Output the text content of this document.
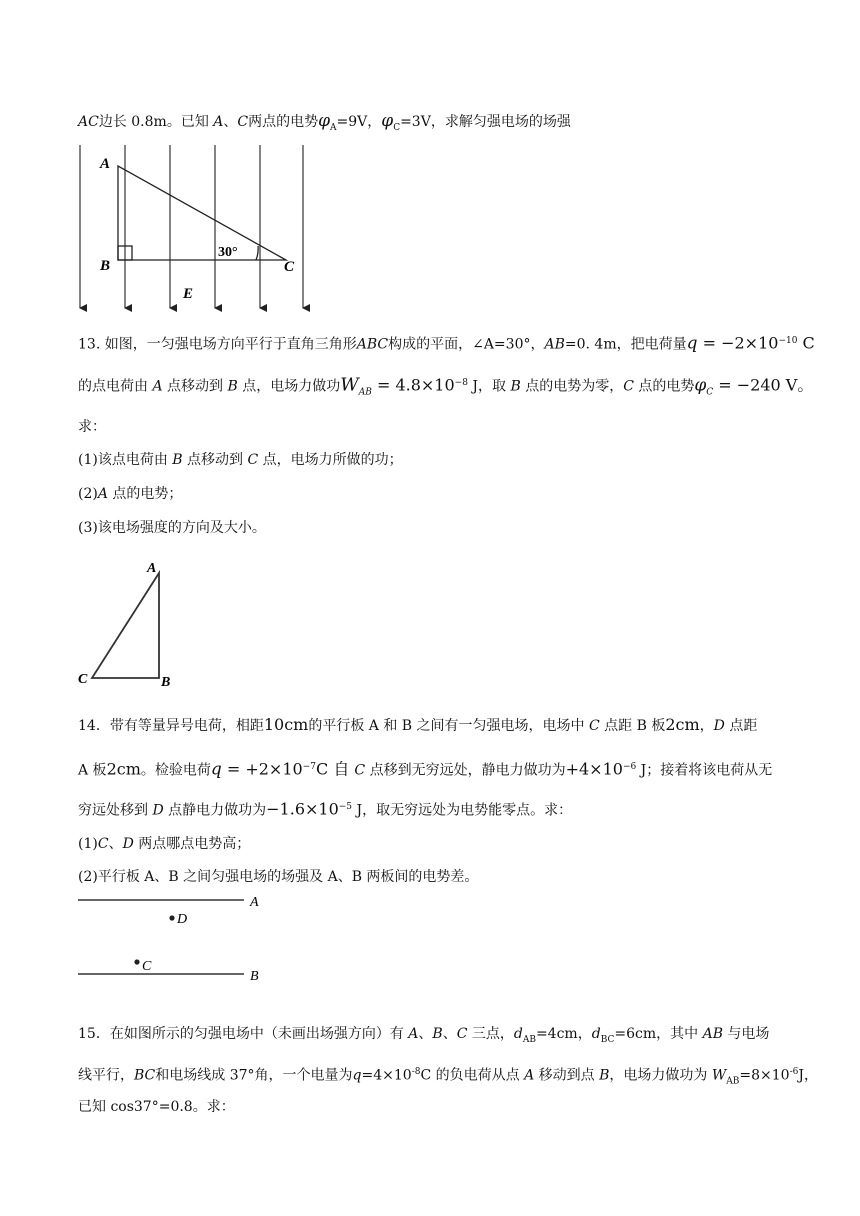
AC边长 0.8m。已知 A、C两点的电势$\varphi_A=9V$，$\varphi_C=3V$，求解匀强电场的场强
A
B	C
E
30°
13. 如图，一匀强电场方向平行于直角三角形ABC构成的平面，∠A=30°，AB=0. 4m，把电荷量$q = -2\times 10^{-10}$ C
的点电荷由 A 点移动到 B 点，电场力做功$W_{AB} = 4.8\times 10^{-8}$ J，取 B 点的电势为零，C 点的电势$\varphi_C = -240$ V。
求：
(1)该点电荷由 B 点移动到 C 点，电场力所做的功；
(2)A 点的电势；
(3)该电场强度的方向及大小。
A
B
C
14．带有等量异号电荷，相距10cm的平行板 A 和 B 之间有一匀强电场，电场中 C 点距 B 板2cm，D 点距
A 板2cm。检验电荷$q = +2\times 10^{-7}C$ 自 C 点移到无穷远处，静电力做功为$+4\times 10^{-6}$ J；接着将该电荷从无
穷远处移到 D 点静电力做功为$-1.6\times 10^{-5}$ J，取无穷远处为电势能零点。求：
(1)C、D 两点哪点电势高；
(2)平行板 A、B 之间匀强电场的场强及 A、B 两板间的电势差。
A
B
D
C
15．在如图所示的匀强电场中（未画出场强方向）有 A、B、C 三点，$d_{AB}=4cm$，$d_{BC}=6cm$，其中 AB 与电场
线平行，BC和电场线成 37°角，一个电量为$q=4\times 10^{-8}C$ 的负电荷从点 A 移动到点 B，电场力做功为 $W_{AB}=8\times 10^{-6}J$，
已知 cos37°=0.8。求：
